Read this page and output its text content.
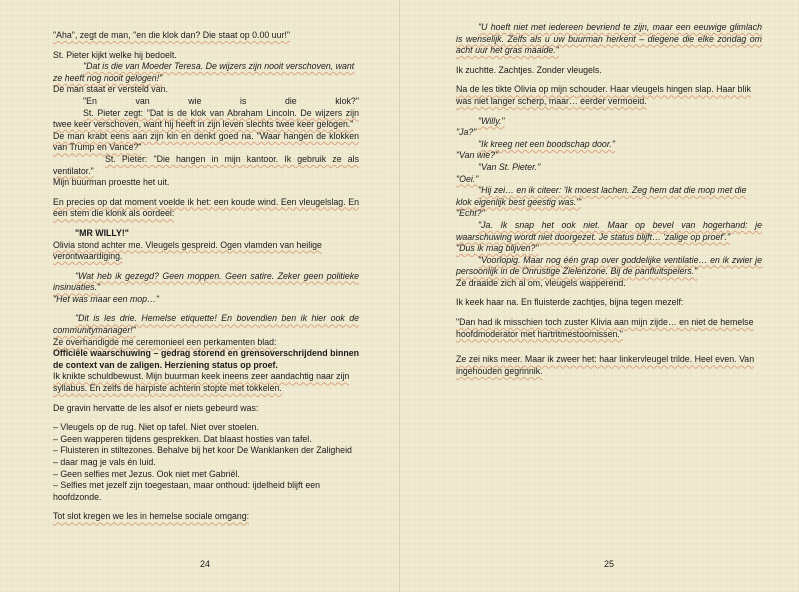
"Aha", zegt de man, "en die klok dan? Die staat op 0.00 uur!"

St. Pieter kijkt welke hij bedoelt.

"Dat is die van Moeder Teresa. De wijzers zijn nooit verschoven, want ze heeft nog nooit gelogen!"

De man staat er versteld van.

"En	van	wie	is	die	klok?"

St. Pieter zegt: "Dat is de klok van Abraham Lincoln. De wijzers zijn twee keer verschoven, want hij heeft in zijn leven slechts twee keer gelogen."

De man krabt eens aan zijn kin en denkt goed na. "Waar hangen de klokken van Trump en Vance?"

St. Pieter: "Die hangen in mijn kantoor. Ik gebruik ze als ventilator."

Mijn buurman proestte het uit.

En precies op dat moment voelde ik het: een koude wind. Een vleugelslag. En een stem die klonk als oordeel:

"MR WILLY!"

Olivia stond achter me. Vleugels gespreid. Ogen vlamden van heilige verontwaardiging.

"Wat heb ik gezegd? Geen moppen. Geen satire. Zeker geen politieke insinuaties."

"Het was maar een mop…"

"Dit is les drie. Hemelse etiquette! En bovendien ben ik hier ook de communitymanager!"

Ze overhandigde me ceremonieel een perkamenten blad:

Officiële waarschuwing – gedrag storend en grensoverschrijdend binnen de context van de zaligen. Herziening status op proef.

Ik knikte schuldbewust. Mijn buurman keek ineens zeer aandachtig naar zijn syllabus. En zelfs de harpiste achterin stopte met tokkelen.

De gravin hervatte de les alsof er niets gebeurd was:

– Vleugels op de rug. Niet op tafel. Niet over stoelen.
– Geen wapperen tijdens gesprekken. Dat blaast hosties van tafel.
– Fluisteren in stiltezones. Behalve bij het koor De Wanklanken der Zaligheid – daar mag je vals én luid.
– Geen selfies met Jezus. Ook niet met Gabriël.
– Selfies met jezelf zijn toegestaan, maar onthoud: ijdelheid blijft een hoofdzonde.

Tot slot kregen we les in hemelse sociale omgang:

24

"U hoeft niet met iedereen bevriend te zijn, maar een eeuwige glimlach is wenselijk. Zelfs als u uw buurman herkent – diegene die elke zondag om acht uur het gras maaide."

Ik zuchtte. Zachtjes. Zonder vleugels.

Na de les tikte Olivia op mijn schouder. Haar vleugels hingen slap. Haar blik was niet langer scherp, maar… eerder vermoeid.

"Willy."
"Ja?"
"Ik kreeg net een boodschap door."
"Van wie?"
"Van St. Pieter."
"Oei."
"Hij zei… en ik citeer: 'Ik moest lachen. Zeg hem dat die mop met die klok eigenlijk best geestig was.'"
"Echt?"
"Ja. Ik snap het ook niet. Maar op bevel van hogerhand: je waarschuwing wordt niet doorgezet. Je status blijft… 'zalige op proef'."
"Dus ik mag blijven?"
"Voorlopig. Maar nog één grap over goddelijke ventilatie… en ik zwier je persoonlijk in de Onrustige Zielenzone. Bij de panfluitspelers."
Ze draaide zich al om, vleugels wapperend.

Ik keek haar na. En fluisterde zachtjes, bijna tegen mezelf:

"Dan had ik misschien toch zuster Klivia aan mijn zijde… en niet de hemelse hoofdmoderator met hartritmestoornissen."

Ze zei niks meer. Maar ik zweer het: haar linkervleugel trilde. Heel even. Van ingehouden gegrinnik.

25
